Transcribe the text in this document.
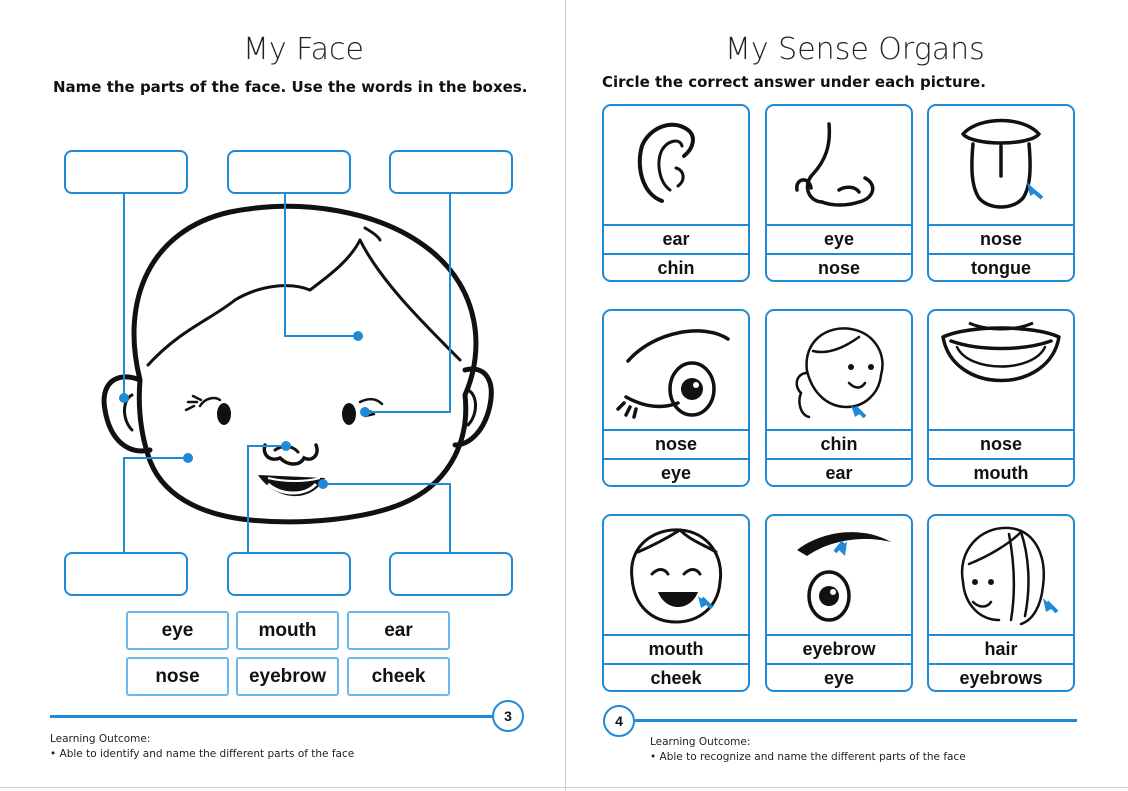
My Face
Name the parts of the face. Use the words in the boxes.
eye	mouth	ear
nose	eyebrow	cheek
3
Learning Outcome:
• Able to identify and name the different parts of the face
My Sense Organs
Circle the correct answer under each picture.
ear
chin
eye
nose
nose
tongue
nose
eye
chin
ear
nose
mouth
mouth
cheek
eyebrow
eye
hair
eyebrows
4
Learning Outcome:
• Able to recognize and name the different parts of the face
